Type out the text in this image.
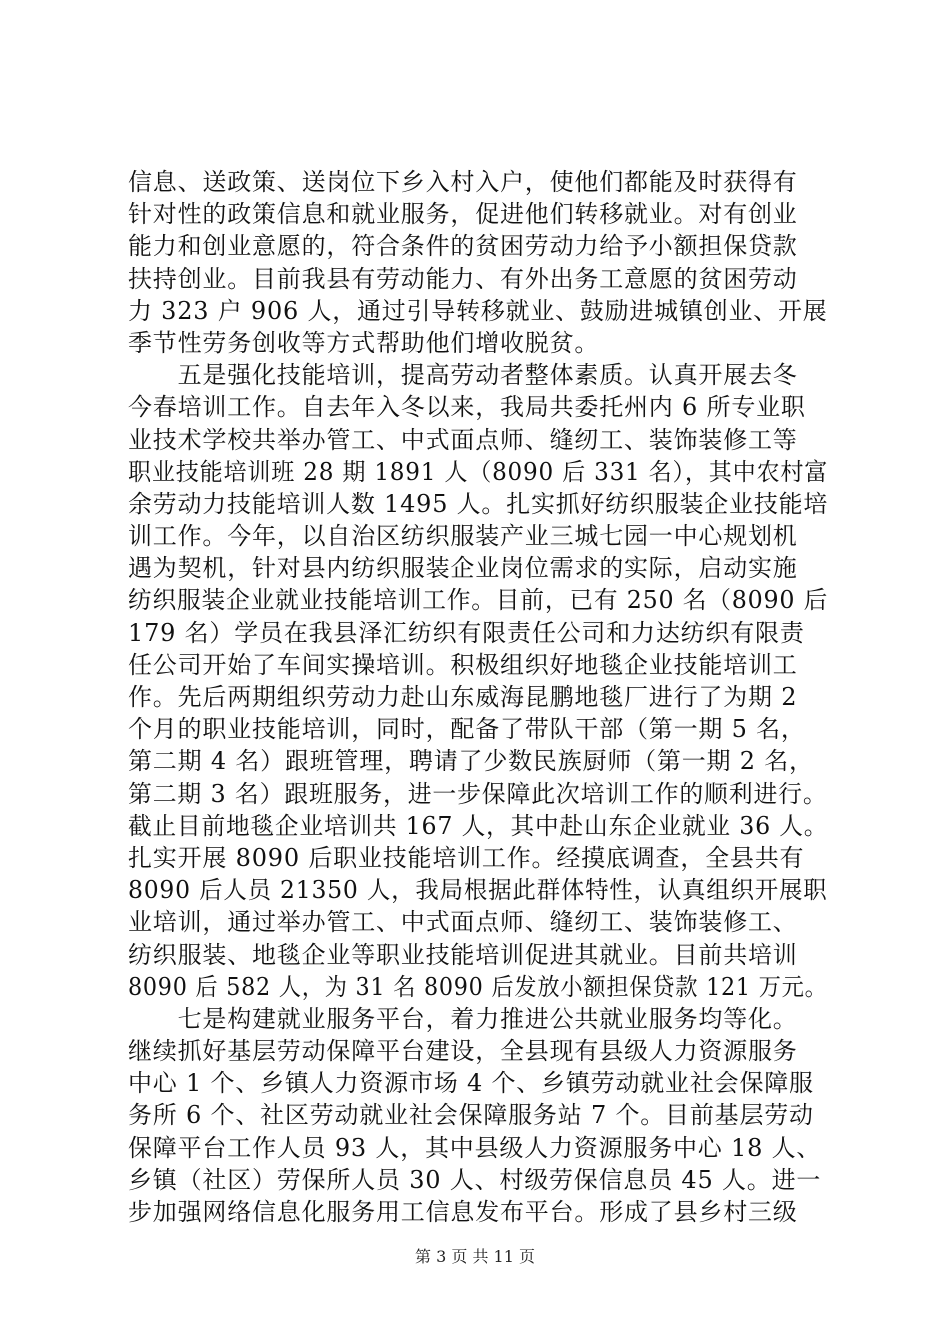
信息、送政策、送岗位下乡入村入户，使他们都能及时获得有
针对性的政策信息和就业服务，促进他们转移就业。对有创业
能力和创业意愿的，符合条件的贫困劳动力给予小额担保贷款
扶持创业。目前我县有劳动能力、有外出务工意愿的贫困劳动
力 323 户 906 人，通过引导转移就业、鼓励进城镇创业、开展
季节性劳务创收等方式帮助他们增收脱贫。
　　五是强化技能培训，提高劳动者整体素质。认真开展去冬
今春培训工作。自去年入冬以来，我局共委托州内 6 所专业职
业技术学校共举办管工、中式面点师、缝纫工、装饰装修工等
职业技能培训班 28 期 1891 人（8090 后 331 名），其中农村富
余劳动力技能培训人数 1495 人。扎实抓好纺织服装企业技能培
训工作。今年，以自治区纺织服装产业三城七园一中心规划机
遇为契机，针对县内纺织服装企业岗位需求的实际，启动实施
纺织服装企业就业技能培训工作。目前，已有 250 名（8090 后
179 名）学员在我县泽汇纺织有限责任公司和力达纺织有限责
任公司开始了车间实操培训。积极组织好地毯企业技能培训工
作。先后两期组织劳动力赴山东威海昆鹏地毯厂进行了为期 2
个月的职业技能培训，同时，配备了带队干部（第一期 5 名，
第二期 4 名）跟班管理，聘请了少数民族厨师（第一期 2 名，
第二期 3 名）跟班服务，进一步保障此次培训工作的顺利进行。
截止目前地毯企业培训共 167 人，其中赴山东企业就业 36 人。
扎实开展 8090 后职业技能培训工作。经摸底调查，全县共有
8090 后人员 21350 人，我局根据此群体特性，认真组织开展职
业培训，通过举办管工、中式面点师、缝纫工、装饰装修工、
纺织服装、地毯企业等职业技能培训促进其就业。目前共培训
8090 后 582 人，为 31 名 8090 后发放小额担保贷款 121 万元。
　　七是构建就业服务平台，着力推进公共就业服务均等化。
继续抓好基层劳动保障平台建设，全县现有县级人力资源服务
中心 1 个、乡镇人力资源市场 4 个、乡镇劳动就业社会保障服
务所 6 个、社区劳动就业社会保障服务站 7 个。目前基层劳动
保障平台工作人员 93 人，其中县级人力资源服务中心 18 人、
乡镇（社区）劳保所人员 30 人、村级劳保信息员 45 人。进一
步加强网络信息化服务用工信息发布平台。形成了县乡村三级
第 3 页 共 11 页
